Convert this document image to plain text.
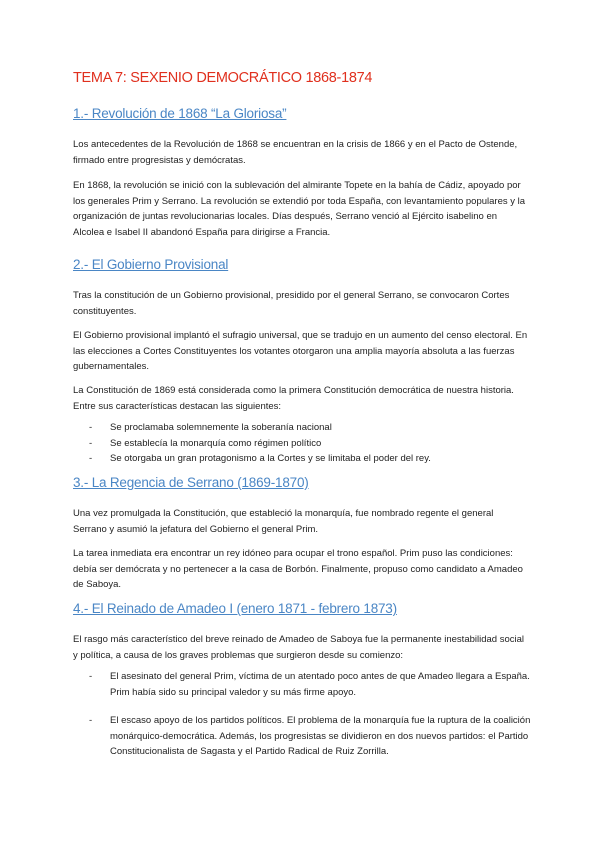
TEMA 7: SEXENIO DEMOCRÁTICO 1868-1874
1.- Revolución de 1868 “La Gloriosa”

Los antecedentes de la Revolución de 1868 se encuentran en la crisis de 1866 y en el Pacto de Ostende, firmado entre progresistas y demócratas.

En 1868, la revolución se inició con la sublevación del almirante Topete en la bahía de Cádiz, apoyado por los generales Prim y Serrano. La revolución se extendió por toda España, con levantamiento populares y la organización de juntas revolucionarias locales. Días después, Serrano venció al Ejército isabelino en Alcolea e Isabel II abandonó España para dirigirse a Francia.

2.- El Gobierno Provisional

Tras la constitución de un Gobierno provisional, presidido por el general Serrano, se convocaron Cortes constituyentes.

El Gobierno provisional implantó el sufragio universal, que se tradujo en un aumento del censo electoral. En las elecciones a Cortes Constituyentes los votantes otorgaron una amplia mayoría absoluta a las fuerzas gubernamentales.

La Constitución de 1869 está considerada como la primera Constitución democrática de nuestra historia. Entre sus características destacan las siguientes:

- Se proclamaba solemnemente la soberanía nacional
- Se establecía la monarquía como régimen político
- Se otorgaba un gran protagonismo a la Cortes y se limitaba el poder del rey.
3.- La Regencia de Serrano (1869-1870)

Una vez promulgada la Constitución, que estableció la monarquía, fue nombrado regente el general Serrano y asumió la jefatura del Gobierno el general Prim.

La tarea inmediata era encontrar un rey idóneo para ocupar el trono español. Prim puso las condiciones: debía ser demócrata y no pertenecer a la casa de Borbón. Finalmente, propuso como candidato a Amadeo de Saboya.

4.- El Reinado de Amadeo I (enero 1871 - febrero 1873)

El rasgo más característico del breve reinado de Amadeo de Saboya fue la permanente inestabilidad social y política, a causa de los graves problemas que surgieron desde su comienzo:

- El asesinato del general Prim, víctima de un atentado poco antes de que Amadeo llegara a España. Prim había sido su principal valedor y su más firme apoyo.
- El escaso apoyo de los partidos políticos. El problema de la monarquía fue la ruptura de la coalición monárquico-democrática. Además, los progresistas se dividieron en dos nuevos partidos: el Partido Constitucionalista de Sagasta y el Partido Radical de Ruiz Zorrilla.
